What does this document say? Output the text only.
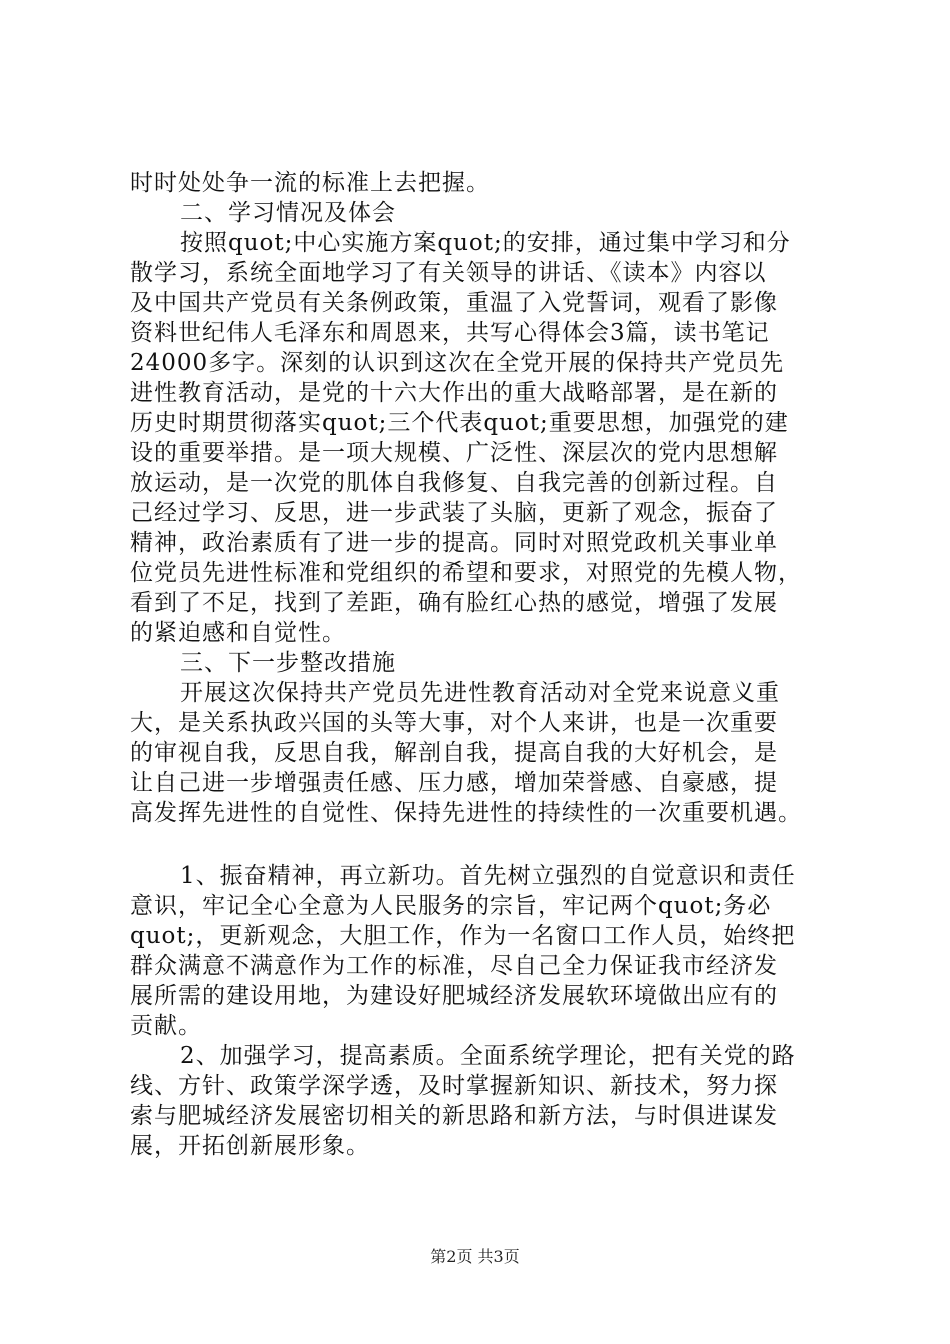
时时处处争一流的标准上去把握。
二、学习情况及体会
按照quot;中心实施方案quot;的安排，通过集中学习和分
散学习，系统全面地学习了有关领导的讲话、《读本》内容以
及中国共产党员有关条例政策，重温了入党誓词，观看了影像
资料世纪伟人毛泽东和周恩来，共写心得体会3篇，读书笔记
24000多字。深刻的认识到这次在全党开展的保持共产党员先
进性教育活动，是党的十六大作出的重大战略部署，是在新的
历史时期贯彻落实quot;三个代表quot;重要思想，加强党的建
设的重要举措。是一项大规模、广泛性、深层次的党内思想解
放运动，是一次党的肌体自我修复、自我完善的创新过程。自
己经过学习、反思，进一步武装了头脑，更新了观念，振奋了
精神，政治素质有了进一步的提高。同时对照党政机关事业单
位党员先进性标准和党组织的希望和要求，对照党的先模人物，
看到了不足，找到了差距，确有脸红心热的感觉，增强了发展
的紧迫感和自觉性。
三、下一步整改措施
开展这次保持共产党员先进性教育活动对全党来说意义重
大，是关系执政兴国的头等大事，对个人来讲，也是一次重要
的审视自我，反思自我，解剖自我，提高自我的大好机会，是
让自己进一步增强责任感、压力感，增加荣誉感、自豪感，提
高发挥先进性的自觉性、保持先进性的持续性的一次重要机遇。
1、振奋精神，再立新功。首先树立强烈的自觉意识和责任
意识，牢记全心全意为人民服务的宗旨，牢记两个quot;务必
quot;，更新观念，大胆工作，作为一名窗口工作人员，始终把
群众满意不满意作为工作的标准，尽自己全力保证我市经济发
展所需的建设用地，为建设好肥城经济发展软环境做出应有的
贡献。
2、加强学习，提高素质。全面系统学理论，把有关党的路
线、方针、政策学深学透，及时掌握新知识、新技术，努力探
索与肥城经济发展密切相关的新思路和新方法，与时俱进谋发
展，开拓创新展形象。
第2页 共3页
